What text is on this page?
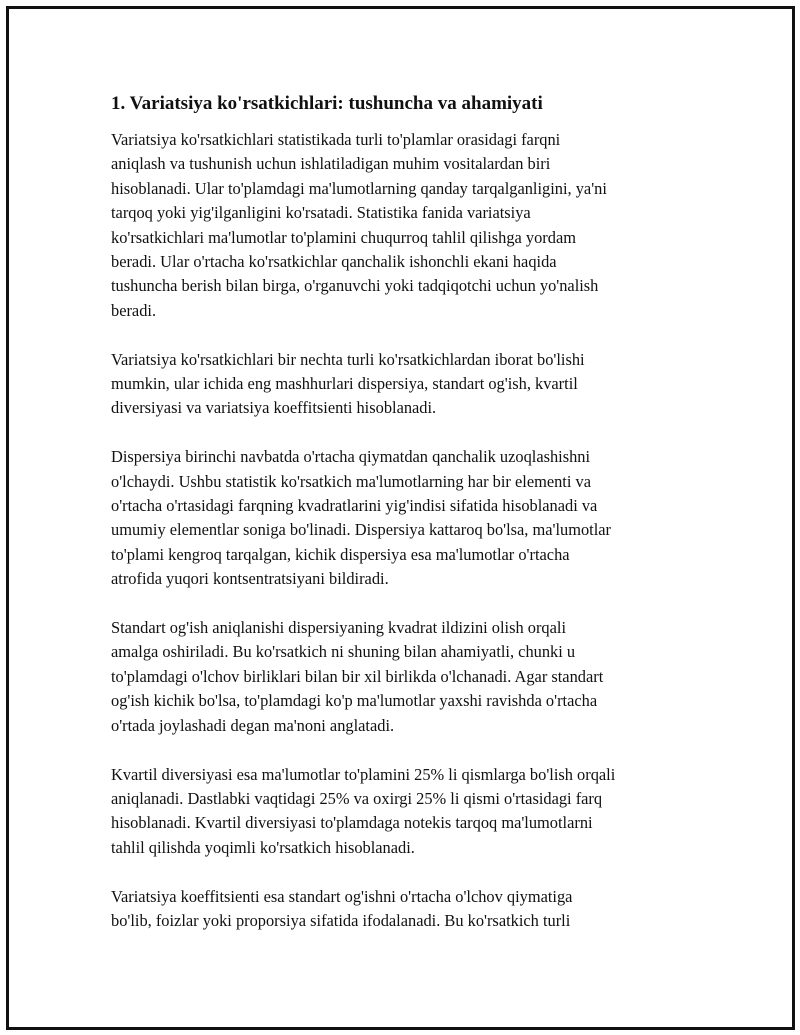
1. Variatsiya ko'rsatkichlari: tushuncha va ahamiyati

Variatsiya ko'rsatkichlari statistikada turli to'plamlar orasidagi farqni
aniqlash va tushunish uchun ishlatiladigan muhim vositalardan biri
hisoblanadi. Ular to'plamdagi ma'lumotlarning qanday tarqalganligini, ya'ni
tarqoq yoki yig'ilganligini ko'rsatadi. Statistika fanida variatsiya
ko'rsatkichlari ma'lumotlar to'plamini chuqurroq tahlil qilishga yordam
beradi. Ular o'rtacha ko'rsatkichlar qanchalik ishonchli ekani haqida
tushuncha berish bilan birga, o'rganuvchi yoki tadqiqotchi uchun yo'nalish
beradi.

Variatsiya ko'rsatkichlari bir nechta turli ko'rsatkichlardan iborat bo'lishi
mumkin, ular ichida eng mashhurlari dispersiya, standart og'ish, kvartil
diversiyasi va variatsiya koeffitsienti hisoblanadi.

Dispersiya birinchi navbatda o'rtacha qiymatdan qanchalik uzoqlashishni
o'lchaydi. Ushbu statistik ko'rsatkich ma'lumotlarning har bir elementi va
o'rtacha o'rtasidagi farqning kvadratlarini yig'indisi sifatida hisoblanadi va
umumiy elementlar soniga bo'linadi. Dispersiya kattaroq bo'lsa, ma'lumotlar
to'plami kengroq tarqalgan, kichik dispersiya esa ma'lumotlar o'rtacha
atrofida yuqori kontsentratsiyani bildiradi.

Standart og'ish aniqlanishi dispersiyaning kvadrat ildizini olish orqali
amalga oshiriladi. Bu ko'rsatkich ni shuning bilan ahamiyatli, chunki u
to'plamdagi o'lchov birliklari bilan bir xil birlikda o'lchanadi. Agar standart
og'ish kichik bo'lsa, to'plamdagi ko'p ma'lumotlar yaxshi ravishda o'rtacha
o'rtada joylashadi degan ma'noni anglatadi.

Kvartil diversiyasi esa ma'lumotlar to'plamini 25% li qismlarga bo'lish orqali
aniqlanadi. Dastlabki vaqtidagi 25% va oxirgi 25% li qismi o'rtasidagi farq
hisoblanadi. Kvartil diversiyasi to'plamdaga notekis tarqoq ma'lumotlarni
tahlil qilishda yoqimli ko'rsatkich hisoblanadi.

Variatsiya koeffitsienti esa standart og'ishni o'rtacha o'lchov qiymatiga
bo'lib, foizlar yoki proporsiya sifatida ifodalanadi. Bu ko'rsatkich turli
